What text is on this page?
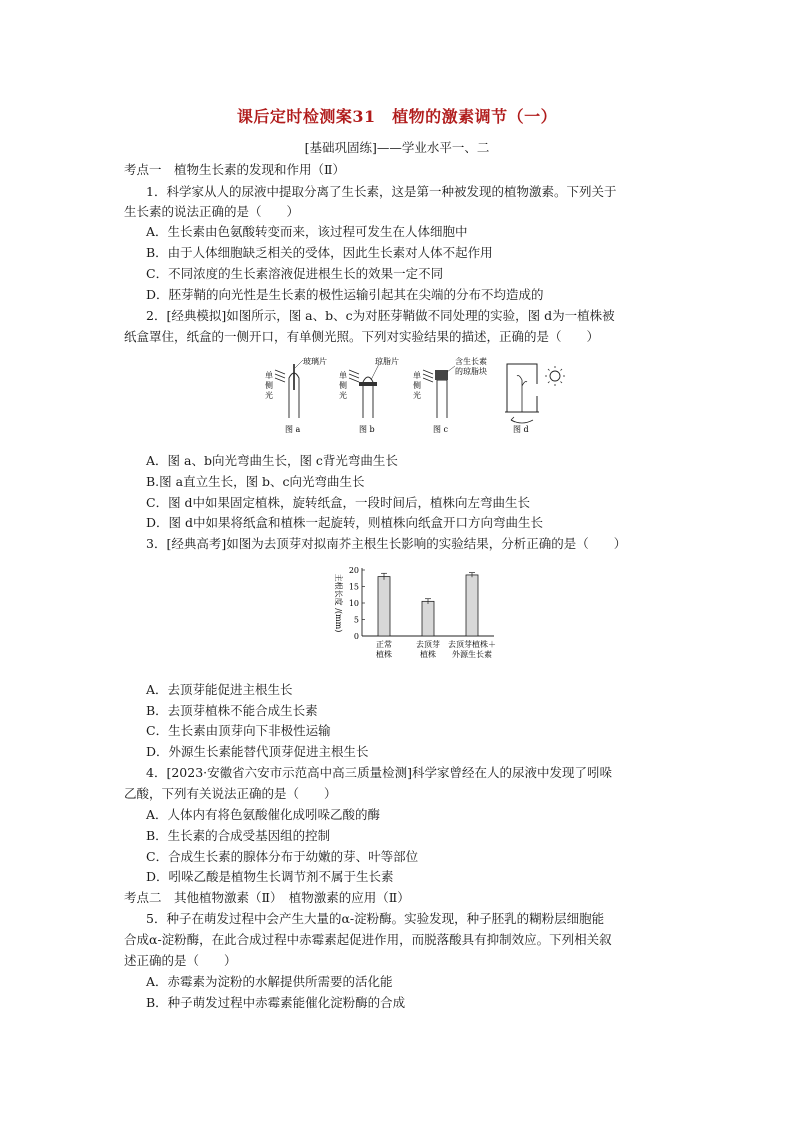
课后定时检测案31　植物的激素调节（一）
[基础巩固练]——学业水平一、二
考点一　植物生长素的发现和作用（Ⅱ）
1．科学家从人的尿液中提取分离了生长素，这是第一种被发现的植物激素。下列关于
生长素的说法正确的是（　　）
A．生长素由色氨酸转变而来，该过程可发生在人体细胞中
B．由于人体细胞缺乏相关的受体，因此生长素对人体不起作用
C．不同浓度的生长素溶液促进根生长的效果一定不同
D．胚芽鞘的向光性是生长素的极性运输引起其在尖端的分布不均造成的
2．[经典模拟]如图所示，图 a、b、c为对胚芽鞘做不同处理的实验，图 d为一植株被
纸盒罩住，纸盒的一侧开口，有单侧光照。下列对实验结果的描述，正确的是（　　）
单
侧
光
玻璃片
图 a
单
侧
光
琼脂片
图 b
单
侧
光
含生长素
的琼脂块
图 c	图 d
A．图 a、b向光弯曲生长，图 c背光弯曲生长
B.图 a直立生长，图 b、c向光弯曲生长
C．图 d中如果固定植株，旋转纸盒，一段时间后，植株向左弯曲生长
D．图 d中如果将纸盒和植株一起旋转，则植株向纸盒开口方向弯曲生长
3．[经典高考]如图为去顶芽对拟南芥主根生长影响的实验结果，分析正确的是（　　）
主根长度 /(mm)
0
5
10
15
20
正常
植株
去顶芽
植株
去顶芽植株＋
外源生长素
A．去顶芽能促进主根生长
B．去顶芽植株不能合成生长素
C．生长素由顶芽向下非极性运输
D．外源生长素能替代顶芽促进主根生长
4．[2023·安徽省六安市示范高中高三质量检测]科学家曾经在人的尿液中发现了吲哚
乙酸，下列有关说法正确的是（　　）
A．人体内有将色氨酸催化成吲哚乙酸的酶
B．生长素的合成受基因组的控制
C．合成生长素的腺体分布于幼嫩的芽、叶等部位
D．吲哚乙酸是植物生长调节剂不属于生长素
考点二　其他植物激素（Ⅱ）　植物激素的应用（Ⅱ）
5．种子在萌发过程中会产生大量的α-淀粉酶。实验发现，种子胚乳的糊粉层细胞能
合成α-淀粉酶，在此合成过程中赤霉素起促进作用，而脱落酸具有抑制效应。下列相关叙
述正确的是（　　）
A．赤霉素为淀粉的水解提供所需要的活化能
B．种子萌发过程中赤霉素能催化淀粉酶的合成
